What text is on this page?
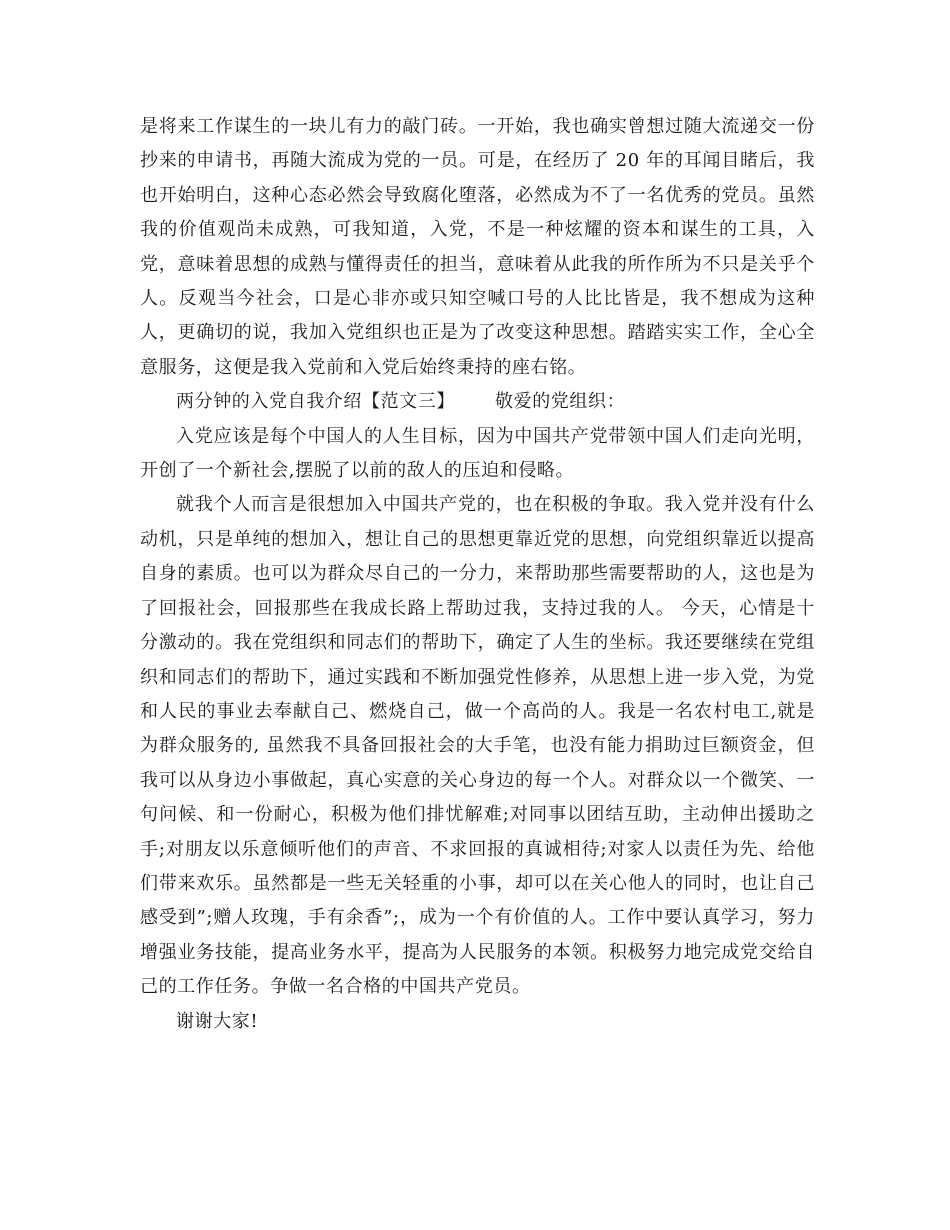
是将来工作谋生的一块儿有力的敲门砖。一开始，我也确实曾想过随大流递交一份抄来的申请书，再随大流成为党的一员。可是，在经历了 20 年的耳闻目睹后，我也开始明白，这种心态必然会导致腐化堕落，必然成为不了一名优秀的党员。虽然我的价值观尚未成熟，可我知道，入党，不是一种炫耀的资本和谋生的工具，入党，意味着思想的成熟与懂得责任的担当，意味着从此我的所作所为不只是关乎个人。反观当今社会，口是心非亦或只知空喊口号的人比比皆是，我不想成为这种人，更确切的说，我加入党组织也正是为了改变这种思想。踏踏实实工作，全心全意服务，这便是我入党前和入党后始终秉持的座右铭。

两分钟的入党自我介绍【范文三】 敬爱的党组织：

入党应该是每个中国人的人生目标，因为中国共产党带领中国人们走向光明，开创了一个新社会,摆脱了以前的敌人的压迫和侵略。

就我个人而言是很想加入中国共产党的，也在积极的争取。我入党并没有什么动机，只是单纯的想加入，想让自己的思想更靠近党的思想，向党组织靠近以提高自身的素质。也可以为群众尽自己的一分力，来帮助那些需要帮助的人，这也是为了回报社会，回报那些在我成长路上帮助过我，支持过我的人。 今天，心情是十分激动的。我在党组织和同志们的帮助下，确定了人生的坐标。我还要继续在党组织和同志们的帮助下，通过实践和不断加强党性修养，从思想上进一步入党，为党和人民的事业去奉献自己、燃烧自己，做一个高尚的人。我是一名农村电工,就是为群众服务的, 虽然我不具备回报社会的大手笔，也没有能力捐助过巨额资金，但我可以从身边小事做起，真心实意的关心身边的每一个人。对群众以一个微笑、一句问候、和一份耐心，积极为他们排忧解难;对同事以团结互助，主动伸出援助之手;对朋友以乐意倾听他们的声音、不求回报的真诚相待;对家人以责任为先、给他们带来欢乐。虽然都是一些无关轻重的小事，却可以在关心他人的同时，也让自己感受到”;赠人玫瑰，手有余香”;，成为一个有价值的人。工作中要认真学习，努力增强业务技能，提高业务水平，提高为人民服务的本领。积极努力地完成党交给自己的工作任务。争做一名合格的中国共产党员。

谢谢大家!
